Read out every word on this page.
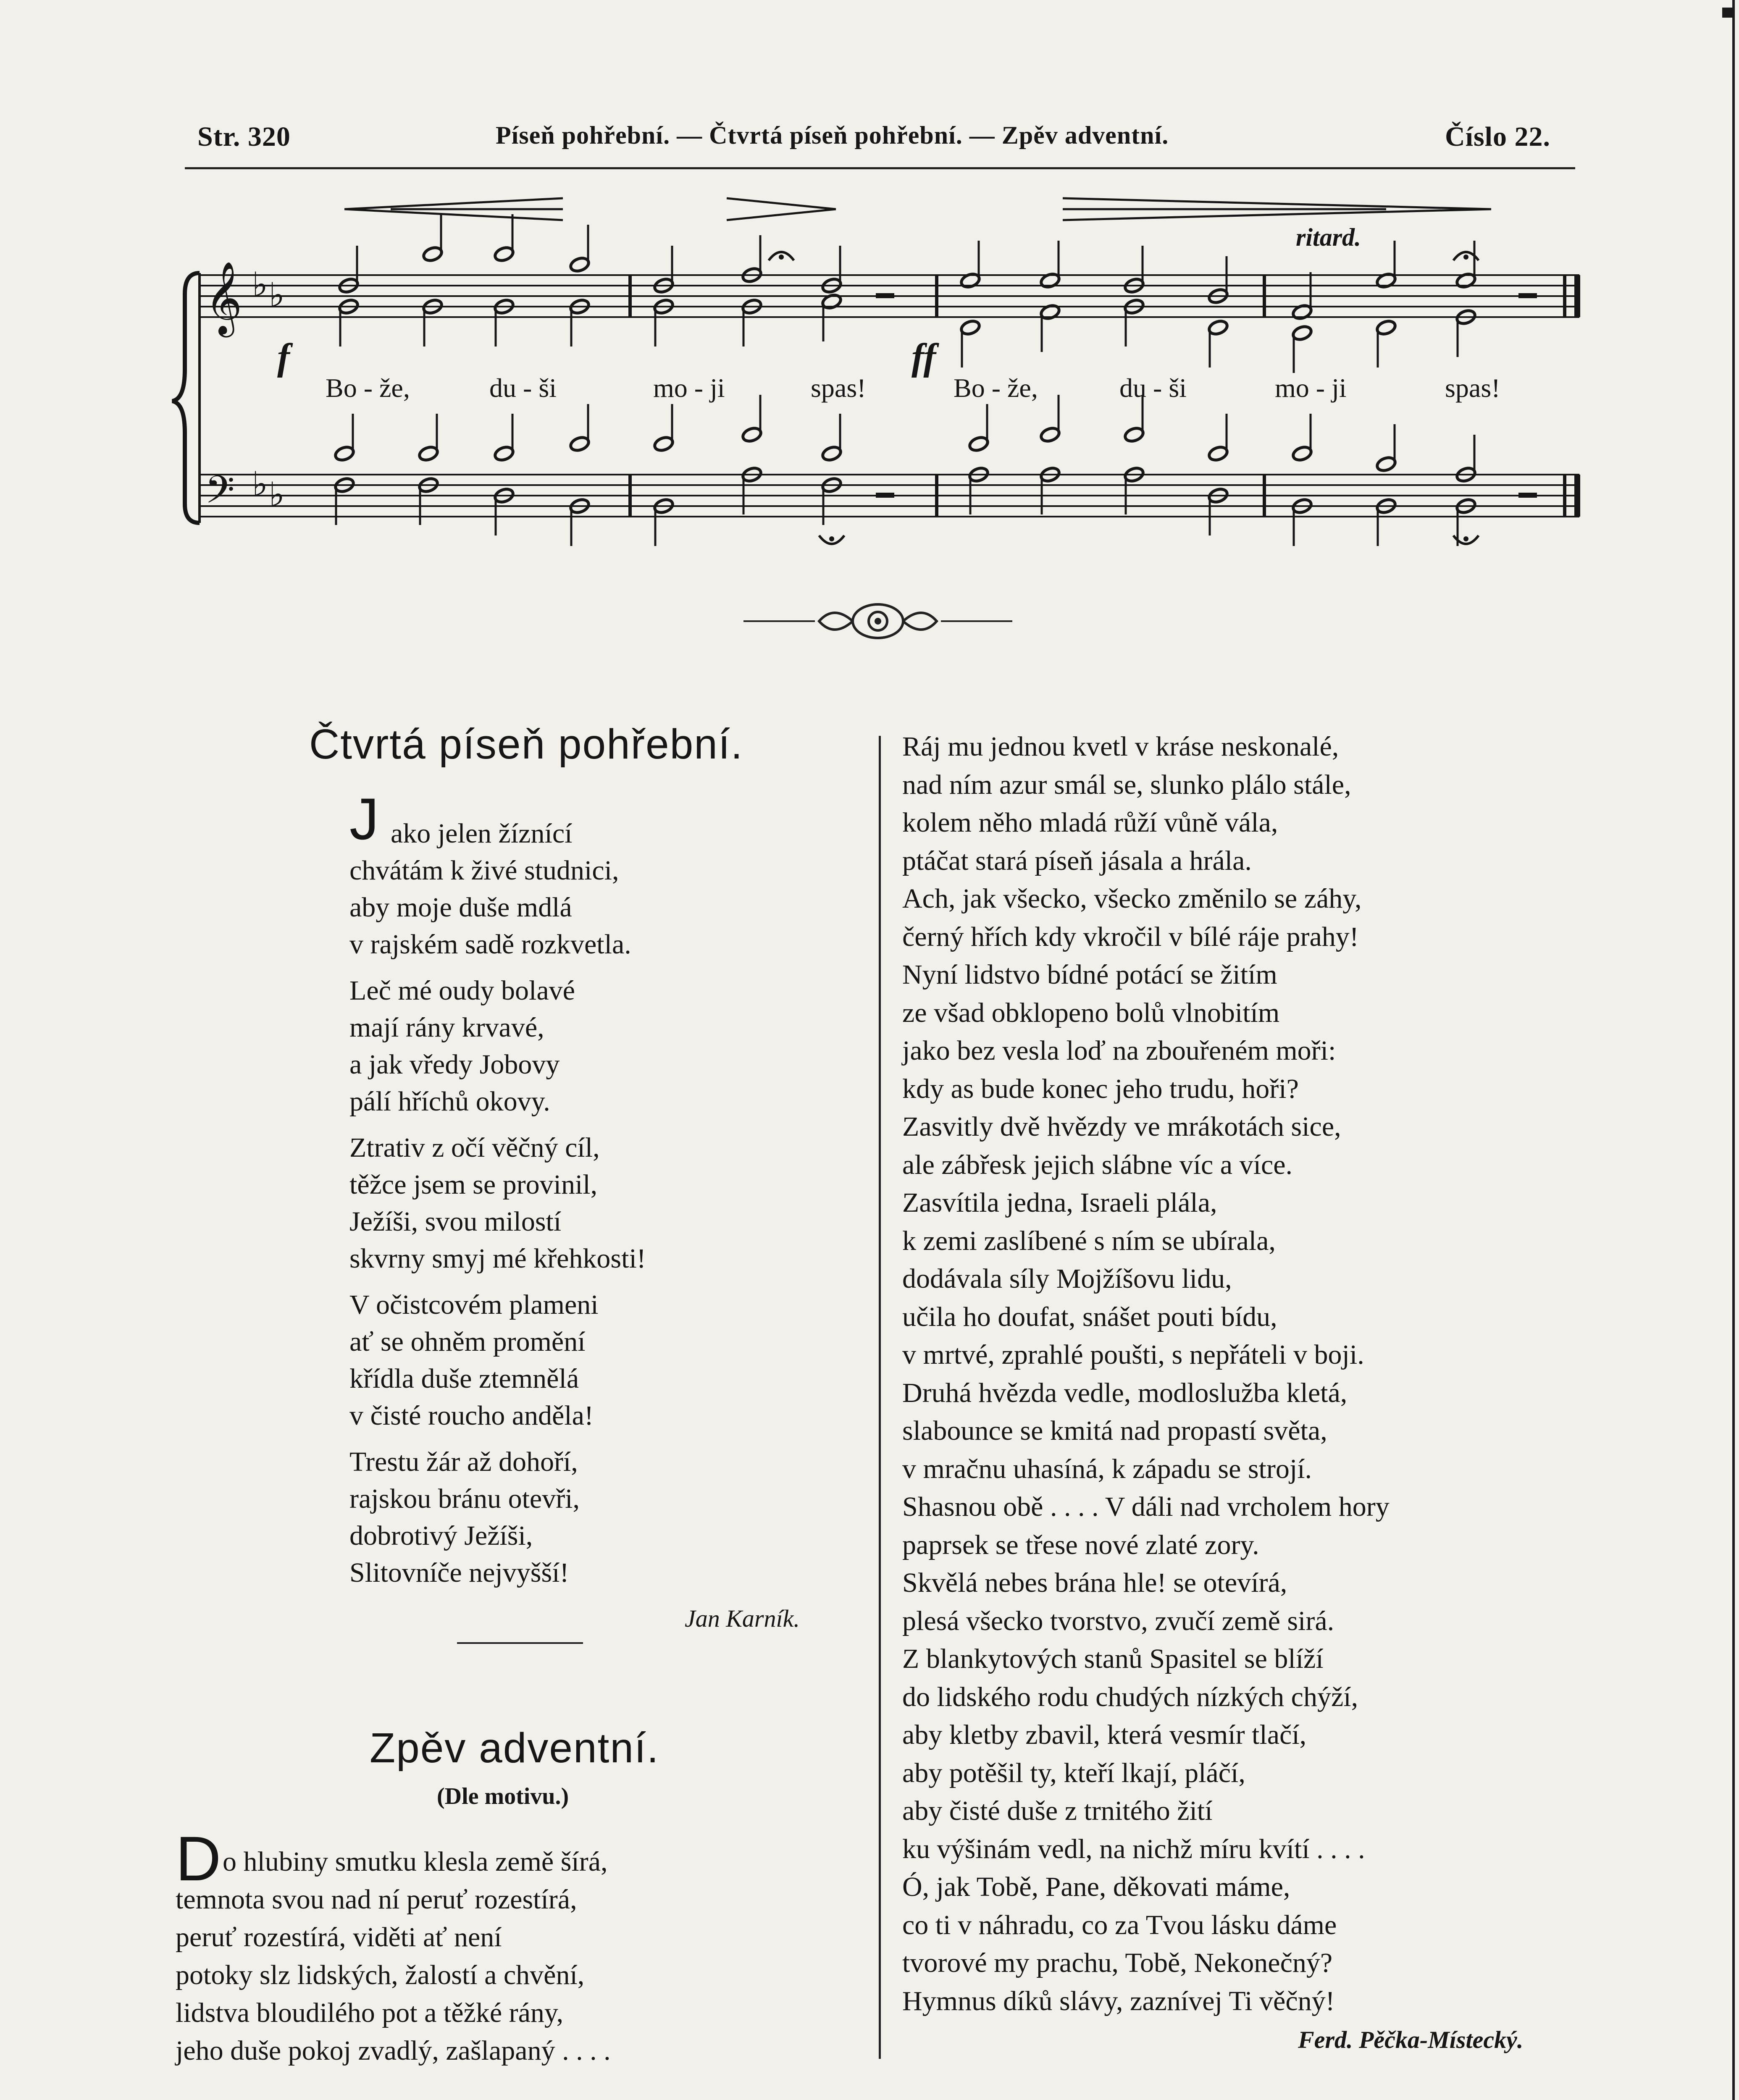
Str. 320	Píseň pohřební. — Čtvrtá píseň pohřební. — Zpěv adventní.	Číslo 22.
𝄞 ♭ ♭
𝄢 ♭ ♭
f	ff
ritard.
Bo - že,	du - ši	mo - ji	spas!	Bo - že,	du - ši	mo - ji	spas!
Čtvrtá píseň pohřební.
J ako jelen žíznící
chvátám k živé studnici,
aby moje duše mdlá
v rajském sadě rozkvetla.
Leč mé oudy bolavé
mají rány krvavé,
a jak vředy Jobovy
pálí hříchů okovy.
Ztrativ z očí věčný cíl,
těžce jsem se provinil,
Ježíši, svou milostí
skvrny smyj mé křehkosti!
V očistcovém plameni
ať se ohněm promění
křídla duše ztemnělá
v čisté roucho anděla!
Trestu žár až dohoří,
rajskou bránu otevři,
dobrotivý Ježíši,
Slitovníče nejvyšší!
Jan Karník.
Zpěv adventní.
(Dle motivu.)
D o hlubiny smutku klesla země šírá,
temnota svou nad ní peruť rozestírá,
peruť rozestírá, viděti ať není
potoky slz lidských, žalostí a chvění,
lidstva bloudilého pot a těžké rány,
jeho duše pokoj zvadlý, zašlapaný . . . .
Ráj mu jednou kvetl v kráse neskonalé,
nad ním azur smál se, slunko plálo stále,
kolem něho mladá růží vůně vála,
ptáčat stará píseň jásala a hrála.
Ach, jak všecko, všecko změnilo se záhy,
černý hřích kdy vkročil v bílé ráje prahy!
Nyní lidstvo bídné potácí se žitím
ze všad obklopeno bolů vlnobitím
jako bez vesla loď na zbouřeném moři:
kdy as bude konec jeho trudu, hoři?
Zasvitly dvě hvězdy ve mrákotách sice,
ale zábřesk jejich slábne víc a více.
Zasvítila jedna, Israeli plála,
k zemi zaslíbené s ním se ubírala,
dodávala síly Mojžíšovu lidu,
učila ho doufat, snášet pouti bídu,
v mrtvé, zprahlé poušti, s nepřáteli v boji.
Druhá hvězda vedle, modloslužba kletá,
slabounce se kmitá nad propastí světa,
v mračnu uhasíná, k západu se strojí.
Shasnou obě . . . . V dáli nad vrcholem hory
paprsek se třese nové zlaté zory.
Skvělá nebes brána hle! se otevírá,
plesá všecko tvorstvo, zvučí země sirá.
Z blankytových stanů Spasitel se blíží
do lidského rodu chudých nízkých chýží,
aby kletby zbavil, která vesmír tlačí,
aby potěšil ty, kteří lkají, pláčí,
aby čisté duše z trnitého žití
ku výšinám vedl, na nichž míru kvítí . . . .
Ó, jak Tobě, Pane, děkovati máme,
co ti v náhradu, co za Tvou lásku dáme
tvorové my prachu, Tobě, Nekonečný?
Hymnus díků slávy, zaznívej Ti věčný!
Ferd. Pěčka-Místecký.
